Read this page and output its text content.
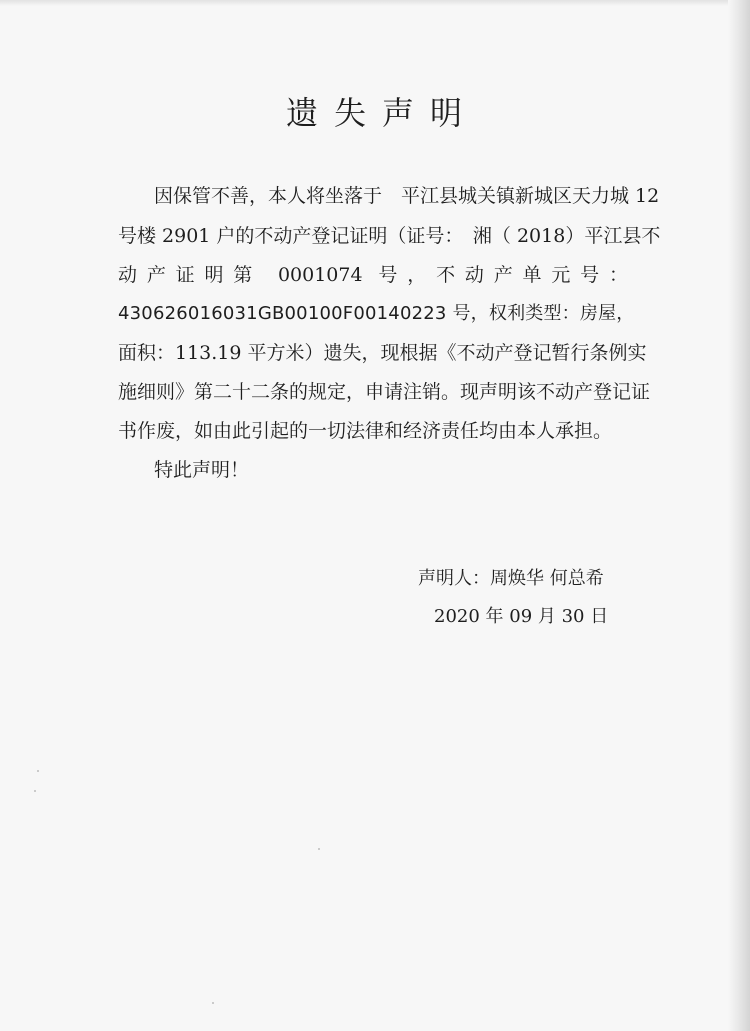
遗失声明
因保管不善，本人将坐落于　平江县城关镇新城区天力城 12
号楼 2901 户的不动产登记证明（证号：　湘（ 2018）平江县不
动产证明第 0001074 号，不动产单元号：
430626016031GB00100F00140223 号，权利类型：房屋，
面积：113.19 平方米）遗失，现根据《不动产登记暂行条例实
施细则》第二十二条的规定，申请注销。现声明该不动产登记证
书作废，如由此引起的一切法律和经济责任均由本人承担。
特此声明！
声明人：周焕华 何总希
2020 年 09 月 30 日
